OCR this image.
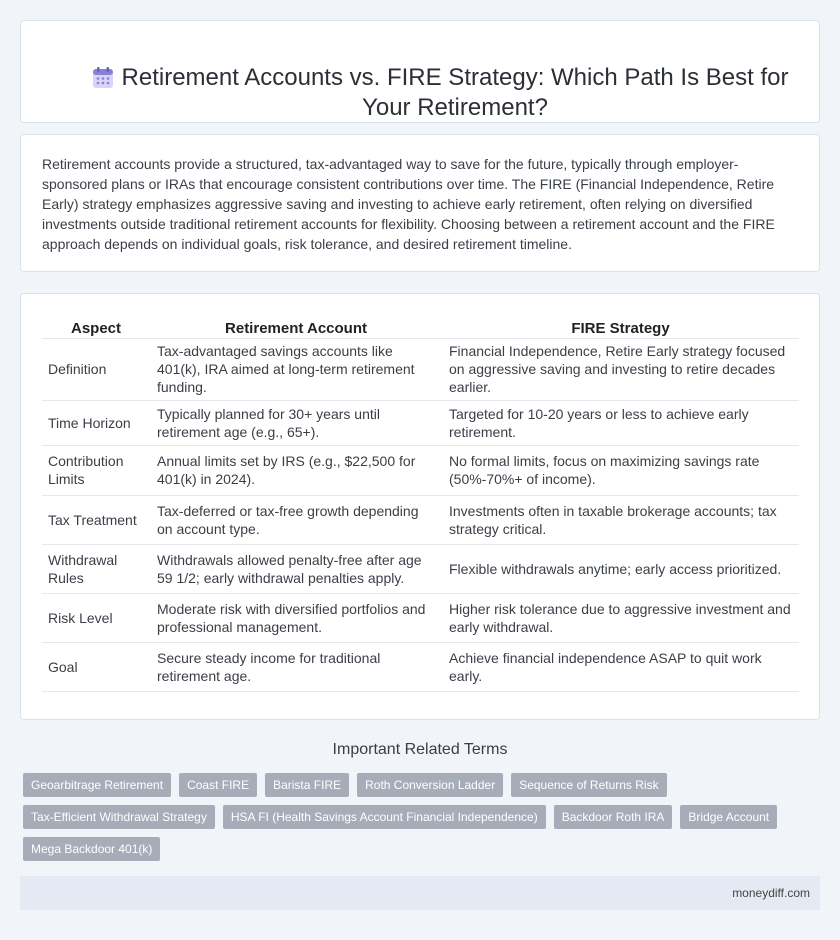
Retirement Accounts vs. FIRE Strategy: Which Path Is Best for Your Retirement?

Retirement accounts provide a structured, tax-advantaged way to save for the future, typically through employer-sponsored plans or IRAs that encourage consistent contributions over time. The FIRE (Financial Independence, Retire Early) strategy emphasizes aggressive saving and investing to achieve early retirement, often relying on diversified investments outside traditional retirement accounts for flexibility. Choosing between a retirement account and the FIRE approach depends on individual goals, risk tolerance, and desired retirement timeline.

Aspect	Retirement Account	FIRE Strategy
Definition	Tax-advantaged savings accounts like 401(k), IRA aimed at long-term retirement funding.	Financial Independence, Retire Early strategy focused on aggressive saving and investing to retire decades earlier.
Time Horizon	Typically planned for 30+ years until retirement age (e.g., 65+).	Targeted for 10-20 years or less to achieve early retirement.
Contribution Limits	Annual limits set by IRS (e.g., $22,500 for 401(k) in 2024).	No formal limits, focus on maximizing savings rate (50%-70%+ of income).
Tax Treatment	Tax-deferred or tax-free growth depending on account type.	Investments often in taxable brokerage accounts; tax strategy critical.
Withdrawal Rules	Withdrawals allowed penalty-free after age 59 1/2; early withdrawal penalties apply.	Flexible withdrawals anytime; early access prioritized.
Risk Level	Moderate risk with diversified portfolios and professional management.	Higher risk tolerance due to aggressive investment and early withdrawal.
Goal	Secure steady income for traditional retirement age.	Achieve financial independence ASAP to quit work early.
Important Related Terms
Geoarbitrage Retirement	Coast FIRE	Barista FIRE	Roth Conversion Ladder	Sequence of Returns Risk
Tax-Efficient Withdrawal Strategy	HSA FI (Health Savings Account Financial Independence)	Backdoor Roth IRA	Bridge Account
Mega Backdoor 401(k)
moneydiff.com
